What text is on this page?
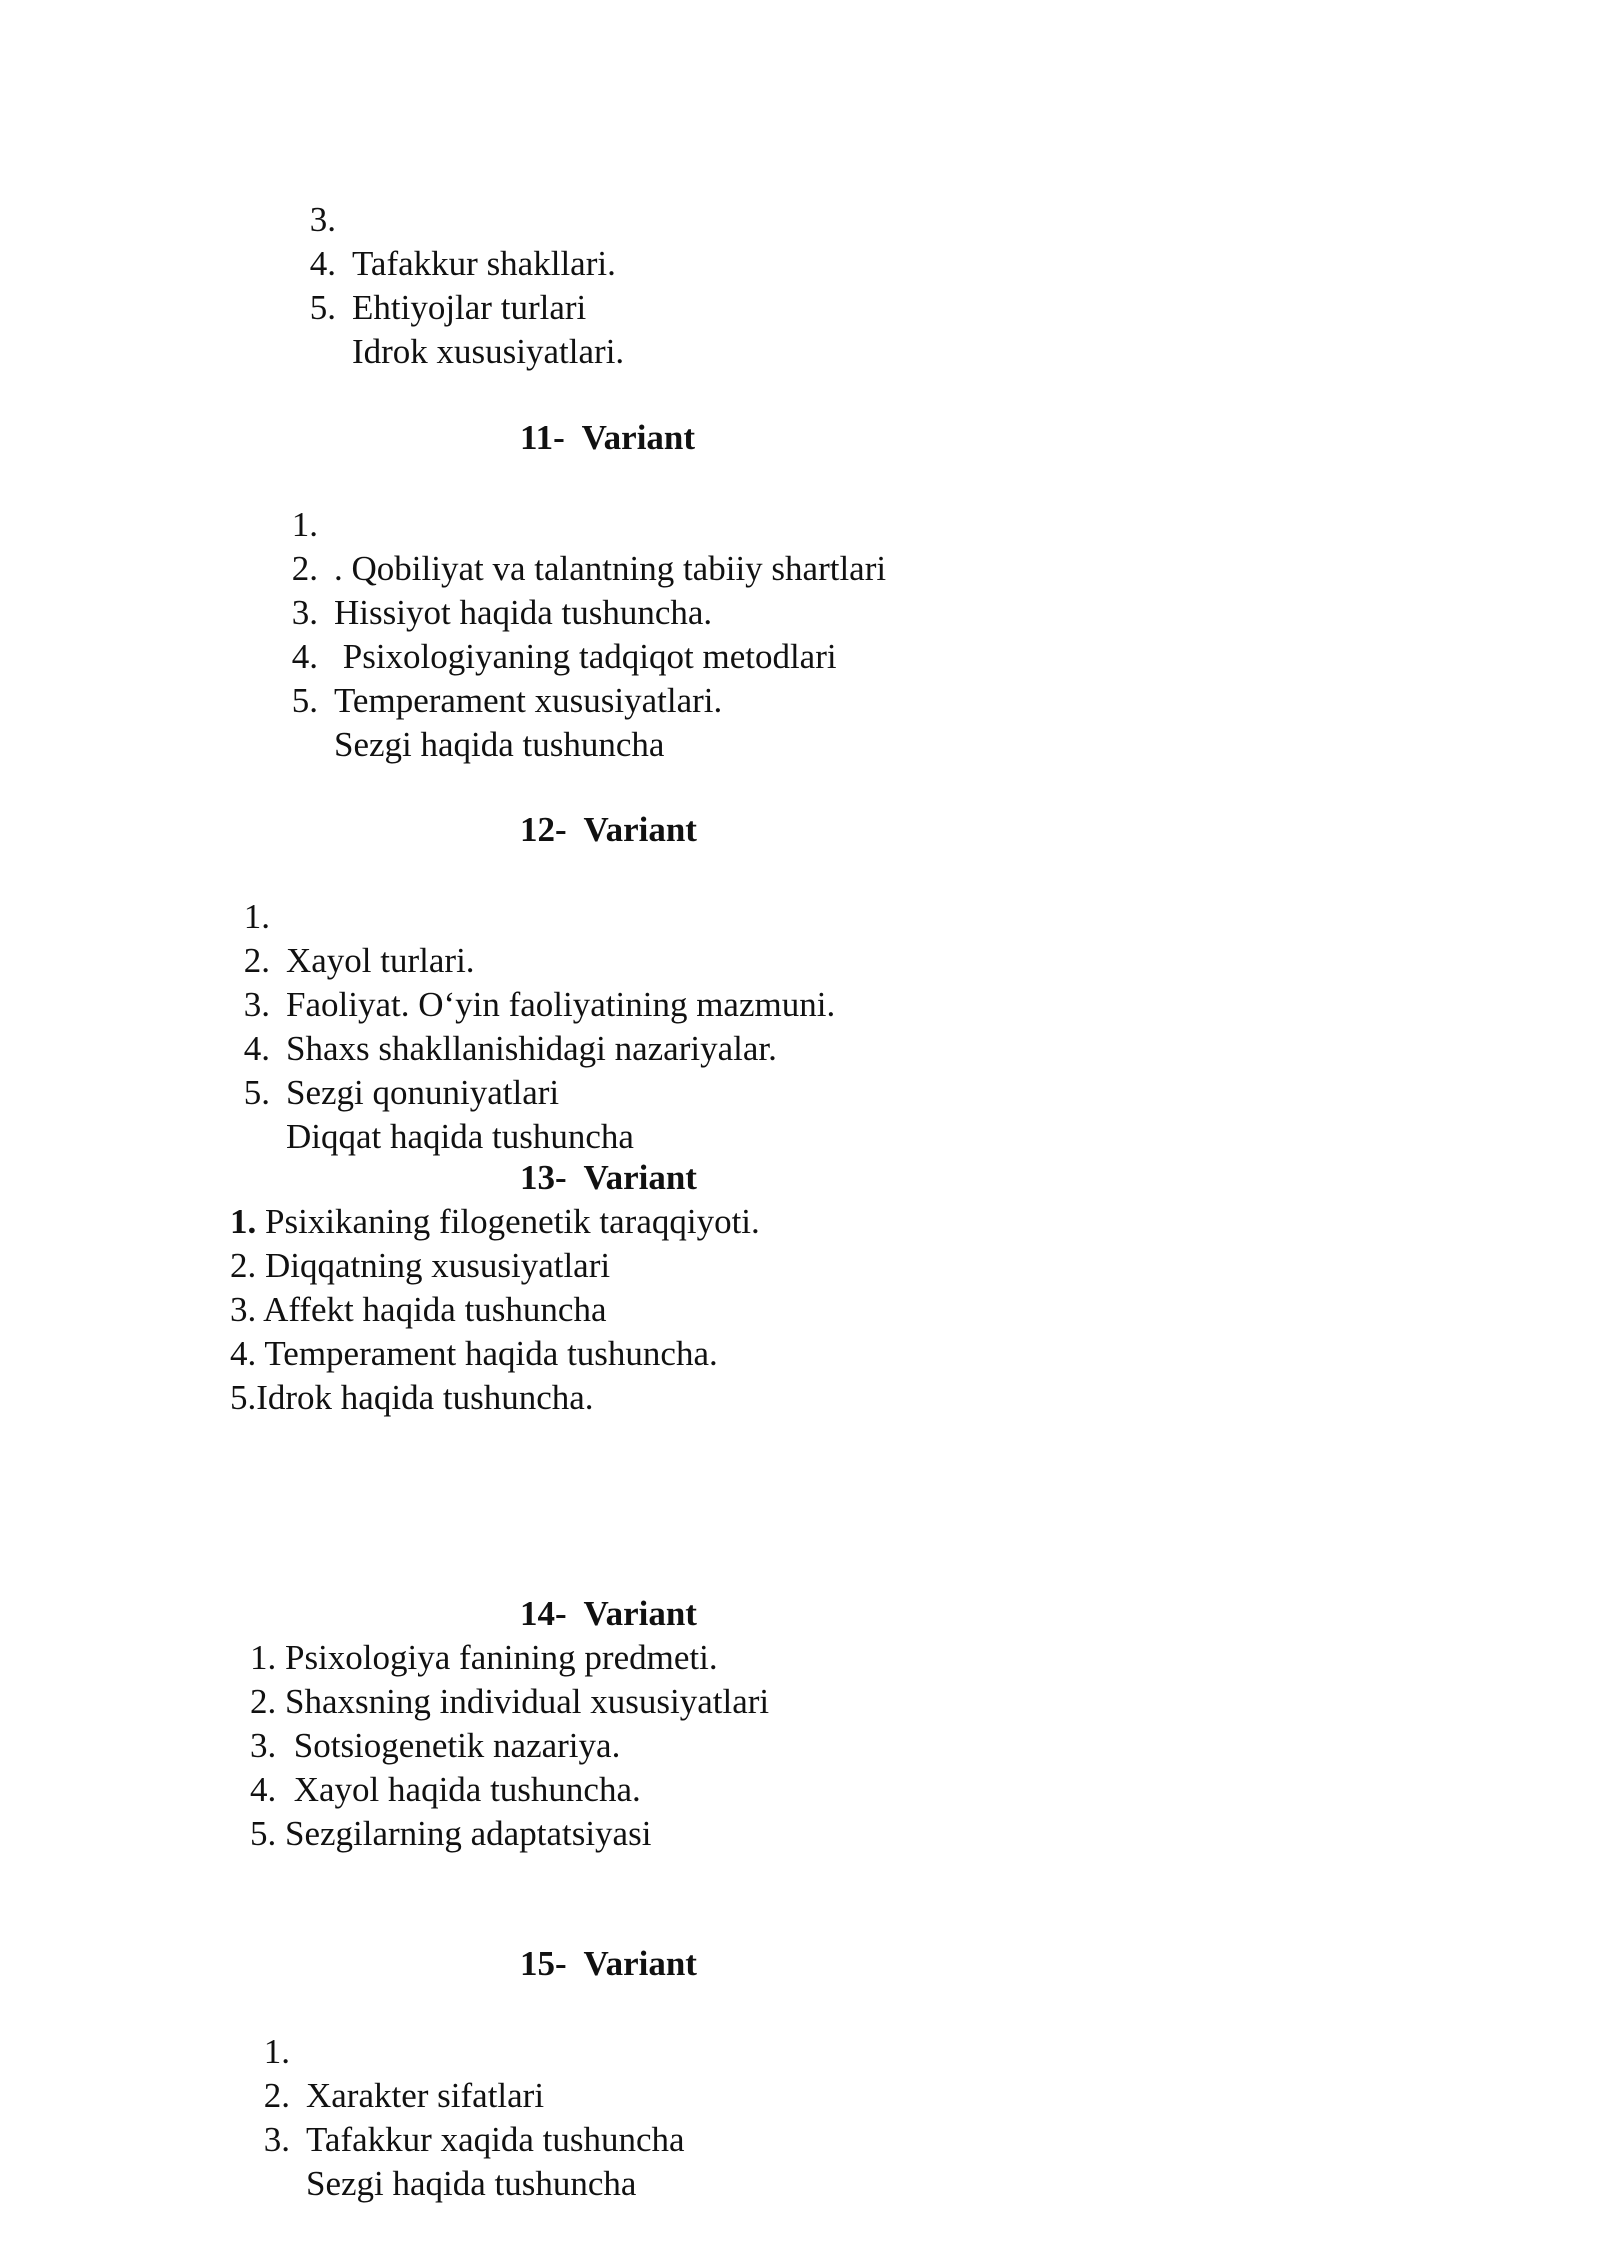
3.

Tafakkur shakllari.

4.

Ehtiyojlar turlari

5.

Idrok xususiyatlari.

11-  Variant

1.

. Qobiliyat va talantning tabiiy shartlari

2.

Hissiyot haqida tushuncha.

3.

Psixologiyaning tadqiqot metodlari

4.

Temperament xususiyatlari.

5.

Sezgi haqida tushuncha

12-  Variant

1.

Xayol turlari.

2.

Faoliyat. O‘yin faoliyatining mazmuni.

3.

Shaxs shakllanishidagi nazariyalar.

4.

Sezgi qonuniyatlari

5.

Diqqat haqida tushuncha

13-  Variant
1. Psixikaning filogenetik taraqqiyoti.
2. Diqqatning xususiyatlari
3. Affekt haqida tushuncha
4. Temperament haqida tushuncha.
5.Idrok haqida tushuncha.
14-  Variant
1. Psixologiya fanining predmeti.
2. Shaxsning individual xususiyatlari
3.  Sotsiogenetik nazariya.
4.  Xayol haqida tushuncha.
5. Sezgilarning adaptatsiyasi
15-  Variant

1.

Xarakter sifatlari

2.

Tafakkur xaqida tushuncha

3.

Sezgi haqida tushuncha
